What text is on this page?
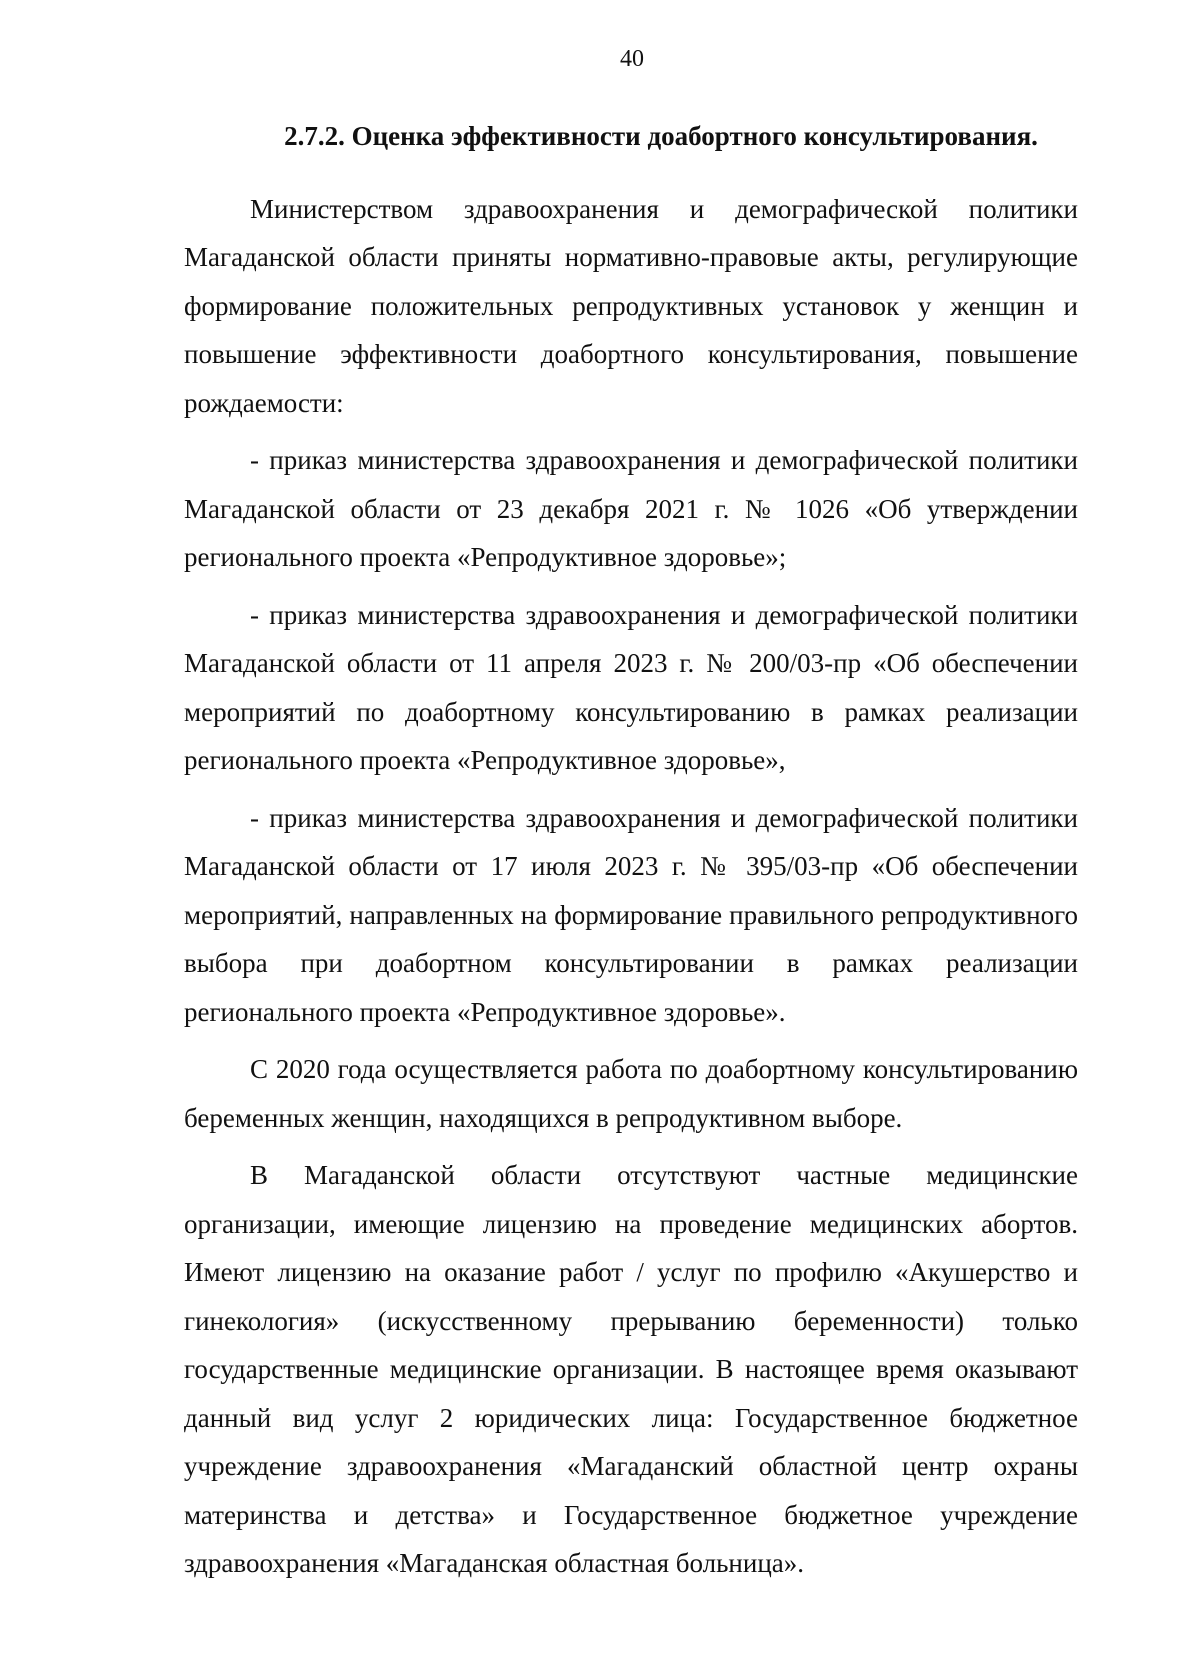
40
2.7.2. Оценка эффективности доабортного консультирования.

Министерством здравоохранения и демографической политики Магаданской области приняты нормативно-правовые акты, регулирующие формирование положительных репродуктивных установок у женщин и повышение эффективности доабортного консультирования, повышение рождаемости:

- приказ министерства здравоохранения и демографической политики Магаданской области от 23 декабря 2021 г. № 1026 «Об утверждении регионального проекта «Репродуктивное здоровье»;

- приказ министерства здравоохранения и демографической политики Магаданской области от 11 апреля 2023 г. № 200/03-пр «Об обеспечении мероприятий по доабортному консультированию в рамках реализации регионального проекта «Репродуктивное здоровье»,

- приказ министерства здравоохранения и демографической политики Магаданской области от 17 июля 2023 г. № 395/03-пр «Об обеспечении мероприятий, направленных на формирование правильного репродуктивного выбора при доабортном консультировании в рамках реализации регионального проекта «Репродуктивное здоровье».

С 2020 года осуществляется работа по доабортному консультированию беременных женщин, находящихся в репродуктивном выборе.

В Магаданской области отсутствуют частные медицинские организации, имеющие лицензию на проведение медицинских абортов. Имеют лицензию на оказание работ / услуг по профилю «Акушерство и гинекология» (искусственному прерыванию беременности) только государственные медицинские организации. В настоящее время оказывают данный вид услуг 2 юридических лица: Государственное бюджетное учреждение здравоохранения «Магаданский областной центр охраны материнства и детства» и Государственное бюджетное учреждение здравоохранения «Магаданская областная больница».
